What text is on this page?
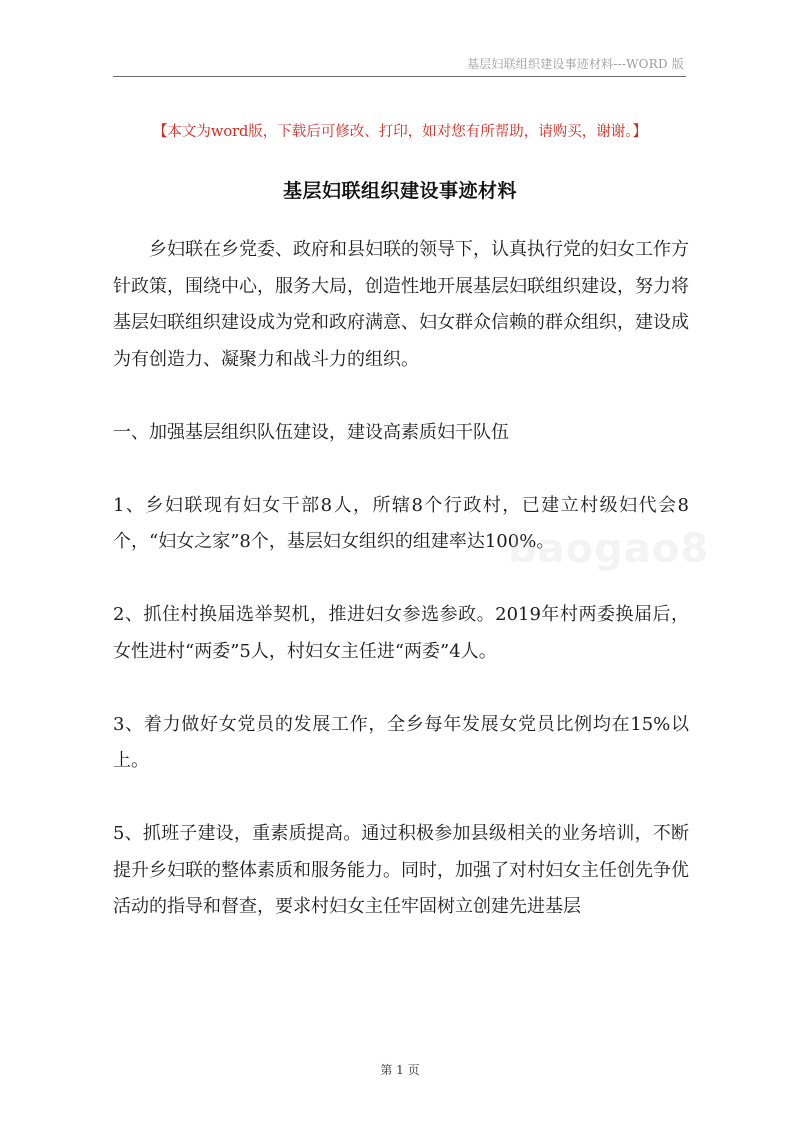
基层妇联组织建设事迹材料---WORD 版
【本文为word版，下载后可修改、打印，如对您有所帮助，请购买，谢谢。】
基层妇联组织建设事迹材料

乡妇联在乡党委、政府和县妇联的领导下，认真执行党的妇女工作方针政策，围绕中心，服务大局，创造性地开展基层妇联组织建设，努力将基层妇联组织建设成为党和政府满意、妇女群众信赖的群众组织，建设成为有创造力、凝聚力和战斗力的组织。

一、加强基层组织队伍建设，建设高素质妇干队伍

1、乡妇联现有妇女干部8人，所辖8个行政村，已建立村级妇代会8个，“妇女之家”8个，基层妇女组织的组建率达100%。

2、抓住村换届选举契机，推进妇女参选参政。2019年村两委换届后，女性进村“两委”5人，村妇女主任进“两委”4人。

3、着力做好女党员的发展工作，全乡每年发展女党员比例均在15%以上。

5、抓班子建设，重素质提高。通过积极参加县级相关的业务培训，不断提升乡妇联的整体素质和服务能力。同时，加强了对村妇女主任创先争优活动的指导和督查，要求村妇女主任牢固树立创建先进基层

baogao8
第 1 页
